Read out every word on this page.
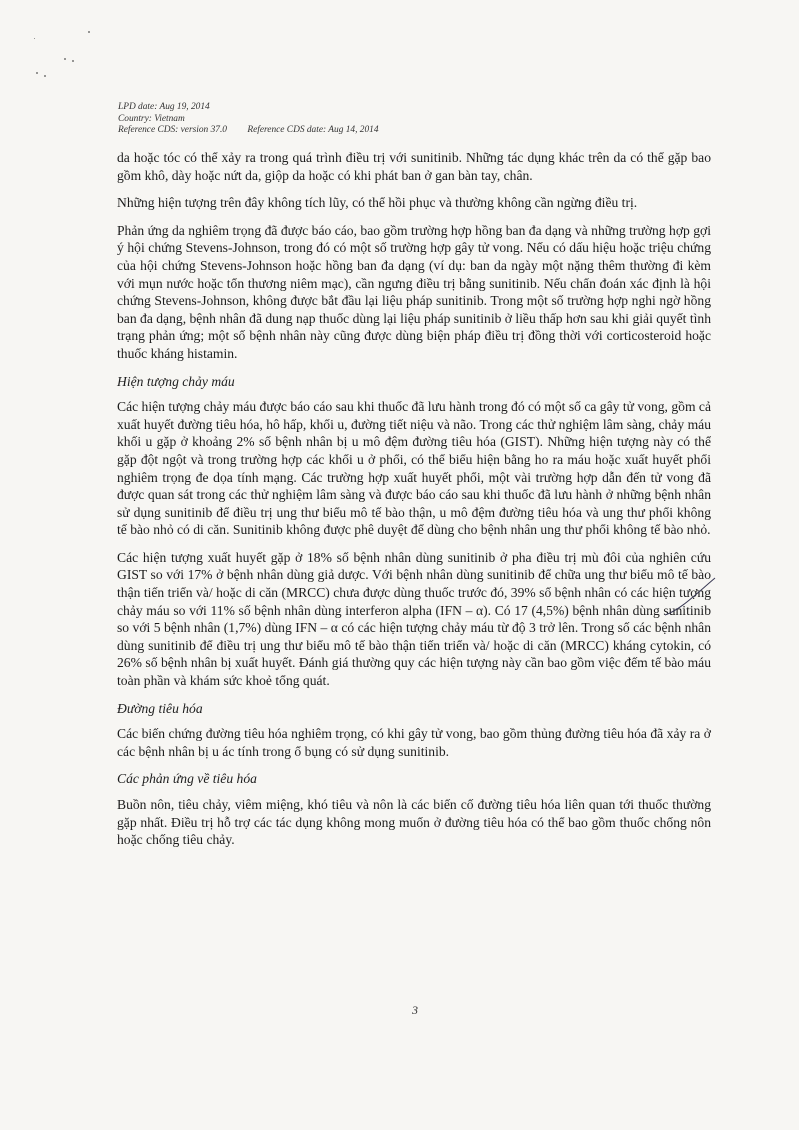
LPD date: Aug 19, 2014
Country: Vietnam
Reference CDS: version 37.0 Reference CDS date: Aug 14, 2014

da hoặc tóc có thể xảy ra trong quá trình điều trị với sunitinib. Những tác dụng khác trên da có thể gặp bao gồm khô, dày hoặc nứt da, giộp da hoặc có khi phát ban ở gan bàn tay, chân.

Những hiện tượng trên đây không tích lũy, có thể hồi phục và thường không cần ngừng điều trị.

Phản ứng da nghiêm trọng đã được báo cáo, bao gồm trường hợp hồng ban đa dạng và những trường hợp gợi ý hội chứng Stevens-Johnson, trong đó có một số trường hợp gây tử vong. Nếu có dấu hiệu hoặc triệu chứng của hội chứng Stevens-Johnson hoặc hồng ban đa dạng (ví dụ: ban da ngày một nặng thêm thường đi kèm với mụn nước hoặc tổn thương niêm mạc), cần ngưng điều trị bằng sunitinib. Nếu chẩn đoán xác định là hội chứng Stevens-Johnson, không được bắt đầu lại liệu pháp sunitinib. Trong một số trường hợp nghi ngờ hồng ban đa dạng, bệnh nhân đã dung nạp thuốc dùng lại liệu pháp sunitinib ở liều thấp hơn sau khi giải quyết tình trạng phản ứng; một số bệnh nhân này cũng được dùng biện pháp điều trị đồng thời với corticosteroid hoặc thuốc kháng histamin.

Hiện tượng chảy máu

Các hiện tượng chảy máu được báo cáo sau khi thuốc đã lưu hành trong đó có một số ca gây tử vong, gồm cả xuất huyết đường tiêu hóa, hô hấp, khối u, đường tiết niệu và não. Trong các thử nghiệm lâm sàng, chảy máu khối u gặp ở khoảng 2% số bệnh nhân bị u mô đệm đường tiêu hóa (GIST). Những hiện tượng này có thể gặp đột ngột và trong trường hợp các khối u ở phổi, có thể biểu hiện bằng ho ra máu hoặc xuất huyết phổi nghiêm trọng đe dọa tính mạng. Các trường hợp xuất huyết phổi, một vài trường hợp dẫn đến tử vong đã được quan sát trong các thử nghiệm lâm sàng và được báo cáo sau khi thuốc đã lưu hành ở những bệnh nhân sử dụng sunitinib để điều trị ung thư biểu mô tế bào thận, u mô đệm đường tiêu hóa và ung thư phổi không tế bào nhỏ có di căn. Sunitinib không được phê duyệt để dùng cho bệnh nhân ung thư phổi không tế bào nhỏ.

Các hiện tượng xuất huyết gặp ở 18% số bệnh nhân dùng sunitinib ở pha điều trị mù đôi của nghiên cứu GIST so với 17% ở bệnh nhân dùng giả dược. Với bệnh nhân dùng sunitinib để chữa ung thư biểu mô tế bào thận tiến triển và/ hoặc di căn (MRCC) chưa được dùng thuốc trước đó, 39% số bệnh nhân có các hiện tượng chảy máu so với 11% số bệnh nhân dùng interferon alpha (IFN – α). Có 17 (4,5%) bệnh nhân dùng sunitinib so với 5 bệnh nhân (1,7%) dùng IFN – α có các hiện tượng chảy máu từ độ 3 trở lên. Trong số các bệnh nhân dùng sunitinib để điều trị ung thư biểu mô tế bào thận tiến triển và/ hoặc di căn (MRCC) kháng cytokin, có 26% số bệnh nhân bị xuất huyết. Đánh giá thường quy các hiện tượng này cần bao gồm việc đếm tế bào máu toàn phần và khám sức khoẻ tổng quát.

Đường tiêu hóa

Các biến chứng đường tiêu hóa nghiêm trọng, có khi gây tử vong, bao gồm thủng đường tiêu hóa đã xảy ra ở các bệnh nhân bị u ác tính trong ổ bụng có sử dụng sunitinib.

Các phản ứng về tiêu hóa

Buồn nôn, tiêu chảy, viêm miệng, khó tiêu và nôn là các biến cố đường tiêu hóa liên quan tới thuốc thường gặp nhất. Điều trị hỗ trợ các tác dụng không mong muốn ở đường tiêu hóa có thể bao gồm thuốc chống nôn hoặc chống tiêu chảy.

3
